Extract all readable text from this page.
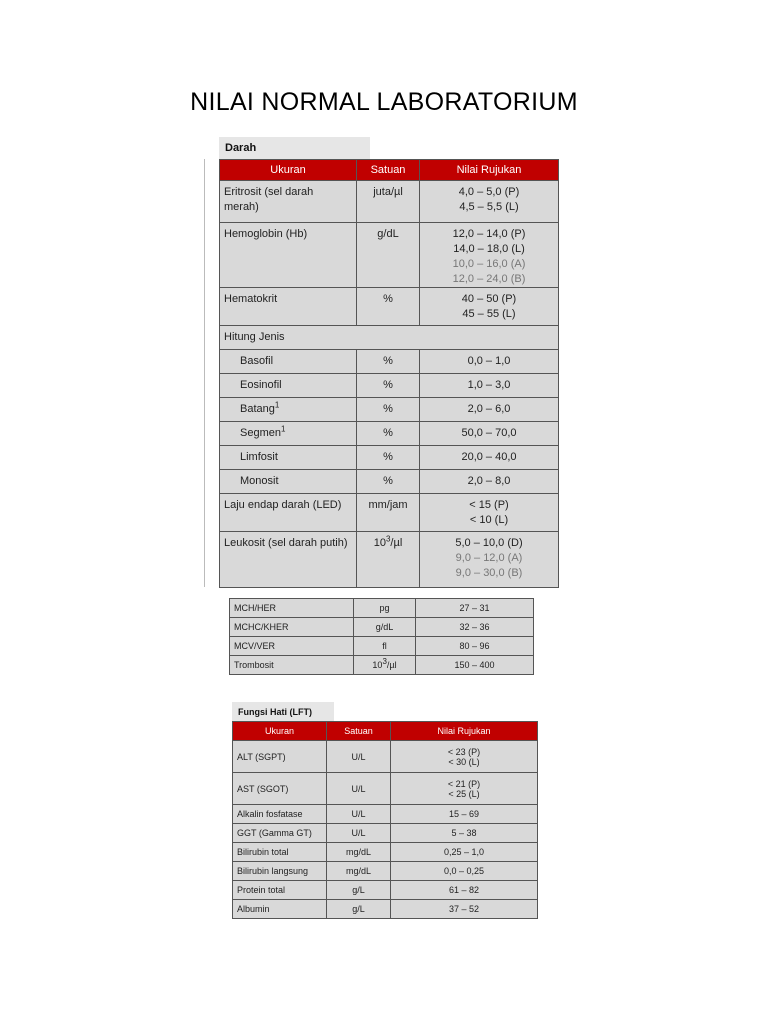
NILAI NORMAL LABORATORIUM
Darah
Ukuran	Satuan	Nilai Rujukan

Eritrosit (sel darah
merah)	juta/µl	4,0 – 5,0 (P)
4,5 – 5,5 (L)

Hemoglobin (Hb)	g/dL	12,0 – 14,0 (P)
14,0 – 18,0 (L)
10,0 – 16,0 (A)
12,0 – 24,0 (B)

Hematokrit	%	40 – 50 (P)
45 – 55 (L)

Hitung Jenis		
Basofil	%	0,0 – 1,0
Eosinofil	%	1,0 – 3,0
Batang$^1$	%	2,0 – 6,0
Segmen$^1$	%	50,0 – 70,0
Limfosit	%	20,0 – 40,0
Monosit	%	2,0 – 8,0
Laju endap darah (LED)	mm/jam	< 15 (P)
< 10 (L)

Leukosit (sel darah putih)	$10^3/\mu l$	5,0 – 10,0 (D)
9,0 – 12,0 (A)
9,0 – 30,0 (B)
MCH/HER	pg	27 – 31
MCHC/KHER	g/dL	32 – 36
MCV/VER	fl	80 – 96
Trombosit	$10^3/\mu l$	150 – 400
Fungsi Hati (LFT)
Ukuran	Satuan	Nilai Rujukan
ALT (SGPT)	U/L	< 23 (P)
< 30 (L)

AST (SGOT)	U/L	< 21 (P)
< 25 (L)

Alkalin fosfatase	U/L	15 – 69

GGT (Gamma GT)	U/L	5 – 38

Bilirubin total	mg/dL	0,25 – 1,0

Bilirubin langsung	mg/dL	0,0 – 0,25

Protein total	g/L	61 – 82

Albumin	g/L	37 – 52
